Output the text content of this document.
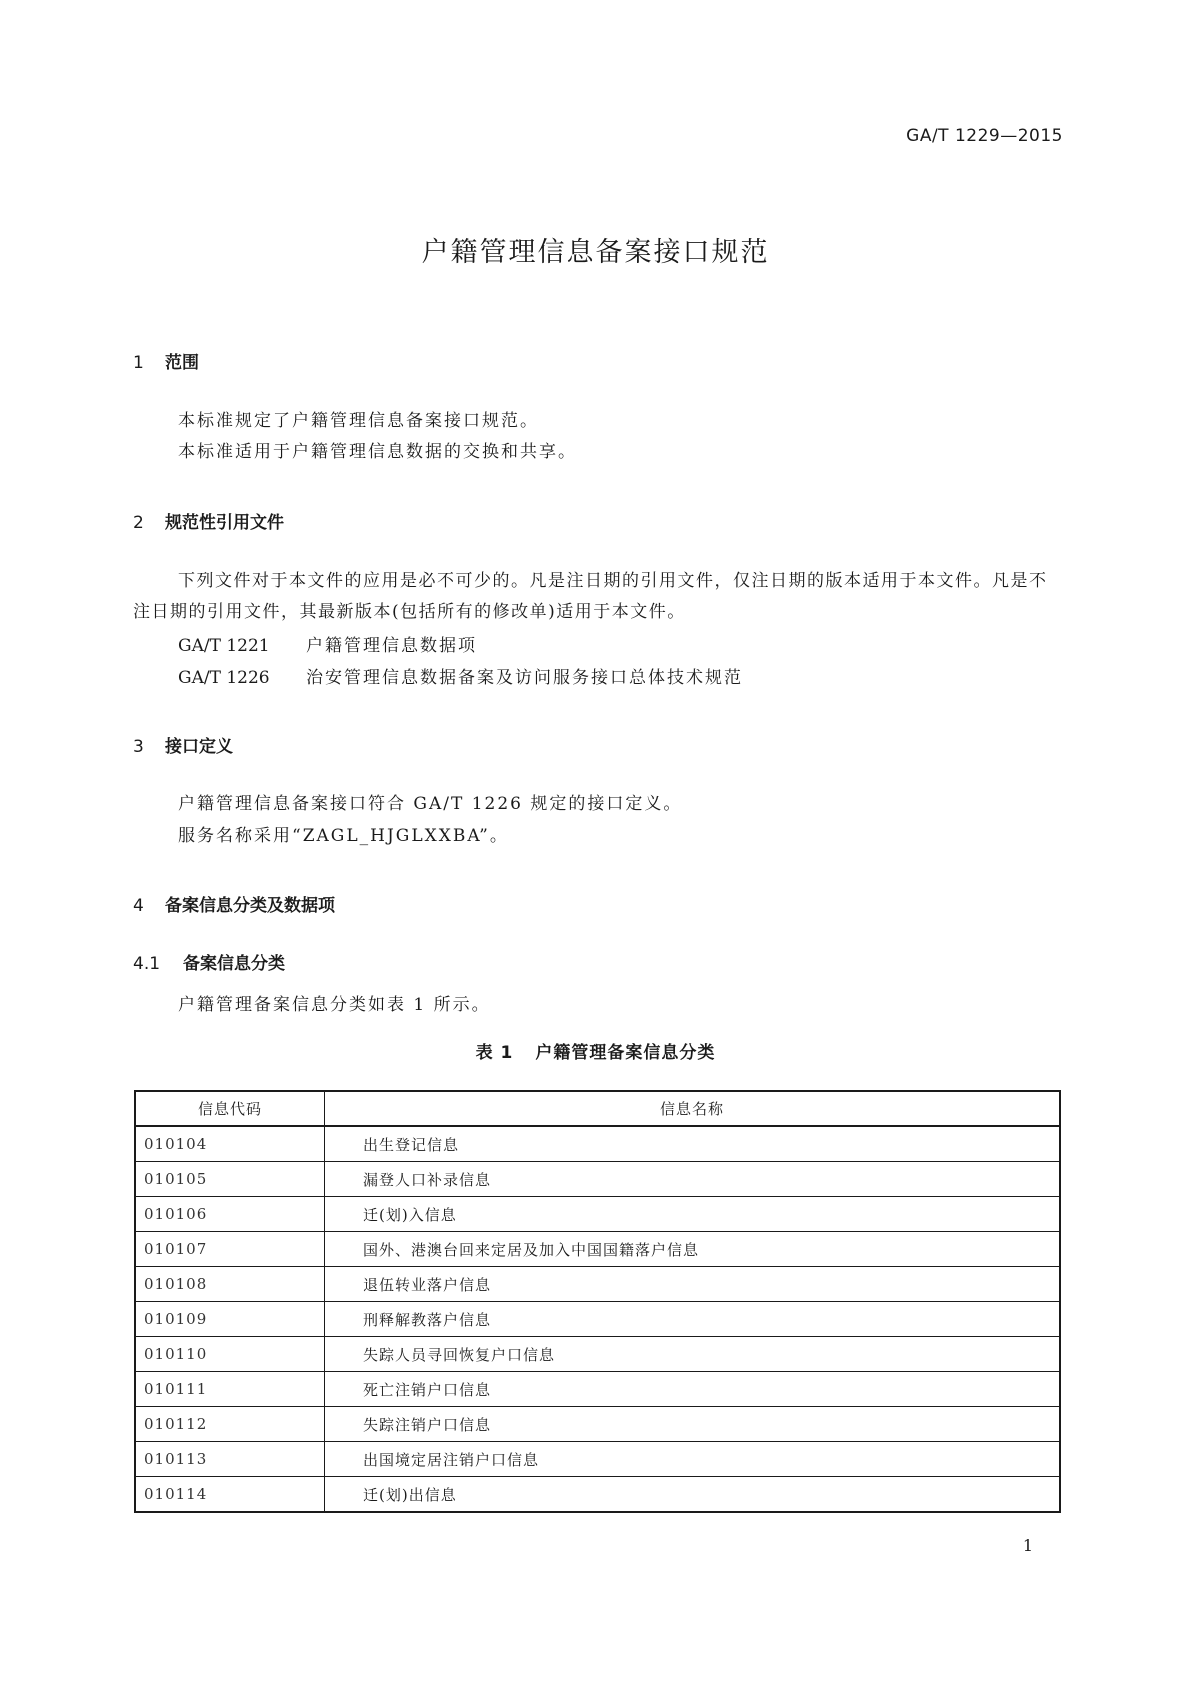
GA/T 1229—2015
户籍管理信息备案接口规范
1 范围
本标准规定了户籍管理信息备案接口规范。
本标准适用于户籍管理信息数据的交换和共享。
2 规范性引用文件
下列文件对于本文件的应用是必不可少的。凡是注日期的引用文件，仅注日期的版本适用于本文件。凡是不注日期的引用文件，其最新版本(包括所有的修改单)适用于本文件。
GA/T 1221 户籍管理信息数据项
GA/T 1226 治安管理信息数据备案及访问服务接口总体技术规范
3 接口定义
户籍管理信息备案接口符合 GA/T 1226 规定的接口定义。
服务名称采用“ZAGL_HJGLXXBA”。
4 备案信息分类及数据项
4.1 备案信息分类
户籍管理备案信息分类如表 1 所示。
表 1 户籍管理备案信息分类
信息代码	信息名称
010104	出生登记信息
010105	漏登人口补录信息
010106	迁(划)入信息
010107	国外、港澳台回来定居及加入中国国籍落户信息
010108	退伍转业落户信息
010109	刑释解教落户信息
010110	失踪人员寻回恢复户口信息
010111	死亡注销户口信息
010112	失踪注销户口信息
010113	出国境定居注销户口信息
010114	迁(划)出信息
1
